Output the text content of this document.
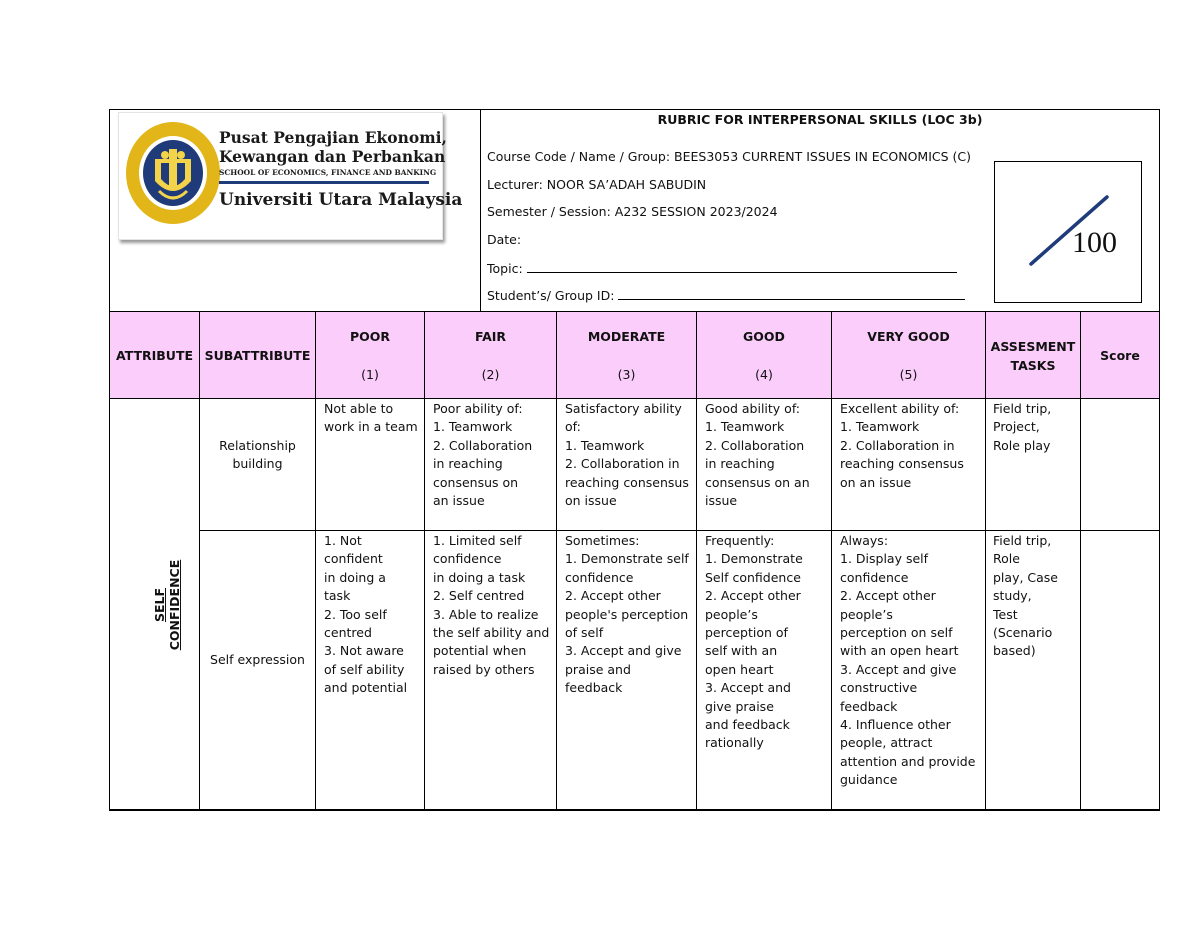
Pusat Pengajian Ekonomi,
Kewangan dan Perbankan
SCHOOL OF ECONOMICS, FINANCE AND BANKING
Universiti Utara Malaysia
RUBRIC FOR INTERPERSONAL SKILLS (LOC 3b)
Course Code / Name / Group: BEES3053 CURRENT ISSUES IN ECONOMICS (C)
Lecturer: NOOR SA’ADAH SABUDIN
Semester / Session: A232 SESSION 2023/2024
Date:
Topic:
Student’s/ Group ID:
100
ATTRIBUTE SUBATTRIBUTE
POOR
(1)
FAIR
(2)
MODERATE
(3)
GOOD
(4)
VERY GOOD
(5)
ASSESMENT
TASKS
Score
SELF CONFIDENCE
Relationship
building
Not able to
work in a team
Poor ability of:
1. Teamwork
2. Collaboration
in reaching
consensus on
an issue
Satisfactory ability
of:
1. Teamwork
2. Collaboration in
reaching consensus
on issue
Good ability of:
1. Teamwork
2. Collaboration
in reaching
consensus on an
issue
Excellent ability of:
1. Teamwork
2. Collaboration in
reaching consensus
on an issue
Field trip,
Project,
Role play
Self expression
1. Not
confident
in doing a
task
2. Too self
centred
3. Not aware
of self ability
and potential
1. Limited self
confidence
in doing a task
2. Self centred
3. Able to realize
the self ability and
potential when
raised by others
Sometimes:
1. Demonstrate self
confidence
2. Accept other
people's perception
of self
3. Accept and give
praise and
feedback
Frequently:
1. Demonstrate
Self confidence
2. Accept other
people’s
perception of
self with an
open heart
3. Accept and
give praise
and feedback
rationally
Always:
1. Display self
confidence
2. Accept other
people’s
perception on self
with an open heart
3. Accept and give
constructive
feedback
4. Influence other
people, attract
attention and provide
guidance
Field trip,
Role
play, Case
study,
Test
(Scenario
based)
